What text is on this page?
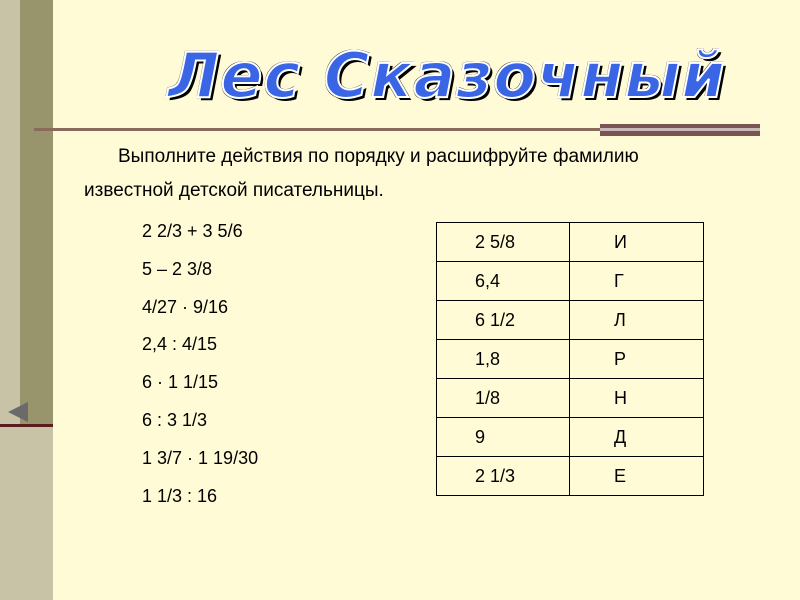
Лес Сказочный
Выполните действия по порядку и расшифруйте фамилию
известной детской писательницы.
2 2/3 + 3 5/6
5 – 2 3/8
4/27 · 9/16
2,4 : 4/15
6 · 1 1/15
6 : 3 1/3
1 3/7 · 1 19/30
1 1/3 : 16
2 5/8	И
6,4	Г
6 1/2	Л
1,8	Р
1/8	Н
9	Д
2 1/3	Е
